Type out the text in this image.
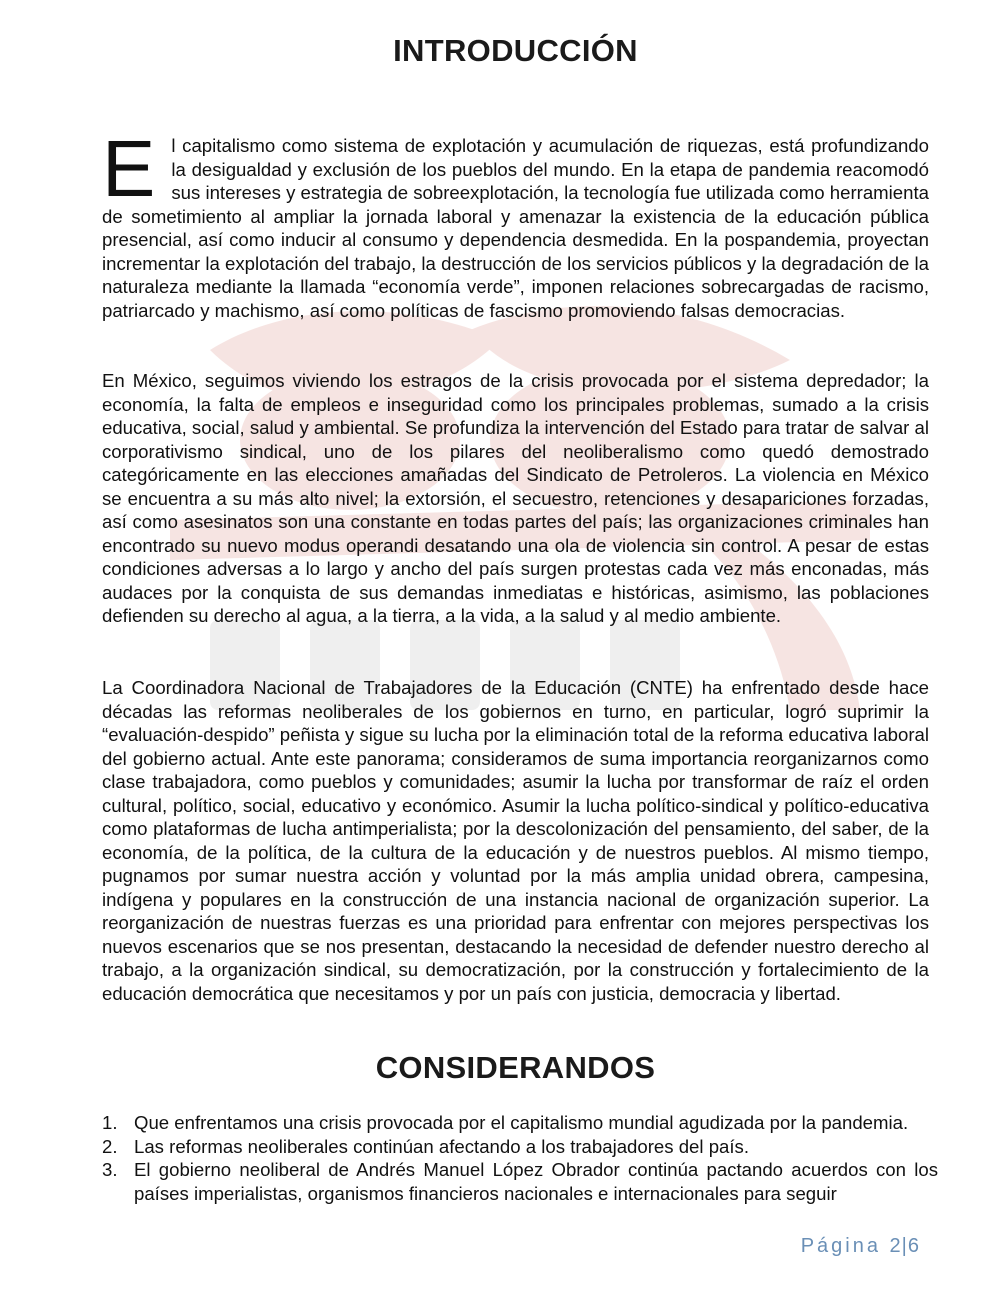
INTRODUCCIÓN

El capitalismo como sistema de explotación y acumulación de riquezas, está profundizando la desigualdad y exclusión de los pueblos del mundo. En la etapa de pandemia reacomodó sus intereses y estrategia de sobreexplotación, la tecnología fue utilizada como herramienta de sometimiento al ampliar la jornada laboral y amenazar la existencia de la educación pública presencial, así como inducir al consumo y dependencia desmedida. En la pospandemia, proyectan incrementar la explotación del trabajo, la destrucción de los servicios públicos y la degradación de la naturaleza mediante la llamada “economía verde”, imponen relaciones sobrecargadas de racismo, patriarcado y machismo, así como políticas de fascismo promoviendo falsas democracias.

En México, seguimos viviendo los estragos de la crisis provocada por el sistema depredador; la economía, la falta de empleos e inseguridad como los principales problemas, sumado a la crisis educativa, social, salud y ambiental. Se profundiza la intervención del Estado para tratar de salvar al corporativismo sindical, uno de los pilares del neoliberalismo como quedó demostrado categóricamente en las elecciones amañadas del Sindicato de Petroleros. La violencia en México se encuentra a su más alto nivel; la extorsión, el secuestro, retenciones y desapariciones forzadas, así como asesinatos son una constante en todas partes del país; las organizaciones criminales han encontrado su nuevo modus operandi desatando una ola de violencia sin control. A pesar de estas condiciones adversas a lo largo y ancho del país surgen protestas cada vez más enconadas, más audaces por la conquista de sus demandas inmediatas e históricas, asimismo, las poblaciones defienden su derecho al agua, a la tierra, a la vida, a la salud y al medio ambiente.

La Coordinadora Nacional de Trabajadores de la Educación (CNTE) ha enfrentado desde hace décadas las reformas neoliberales de los gobiernos en turno, en particular, logró suprimir la “evaluación-despido” peñista y sigue su lucha por la eliminación total de la reforma educativa laboral del gobierno actual. Ante este panorama; consideramos de suma importancia reorganizarnos como clase trabajadora, como pueblos y comunidades; asumir la lucha por transformar de raíz el orden cultural, político, social, educativo y económico. Asumir la lucha político-sindical y político-educativa como plataformas de lucha antimperialista; por la descolonización del pensamiento, del saber, de la economía, de la política, de la cultura de la educación y de nuestros pueblos. Al mismo tiempo, pugnamos por sumar nuestra acción y voluntad por la más amplia unidad obrera, campesina, indígena y populares en la construcción de una instancia nacional de organización superior. La reorganización de nuestras fuerzas es una prioridad para enfrentar con mejores perspectivas los nuevos escenarios que se nos presentan, destacando la necesidad de defender nuestro derecho al trabajo, a la organización sindical, su democratización, por la construcción y fortalecimiento de la educación democrática que necesitamos y por un país con justicia, democracia y libertad.

CONSIDERANDOS
1. Que enfrentamos una crisis provocada por el capitalismo mundial agudizada por la pandemia.
2. Las reformas neoliberales continúan afectando a los trabajadores del país.
3. El gobierno neoliberal de Andrés Manuel López Obrador continúa pactando acuerdos con los países imperialistas, organismos financieros nacionales e internacionales para seguir
Página 2|6
